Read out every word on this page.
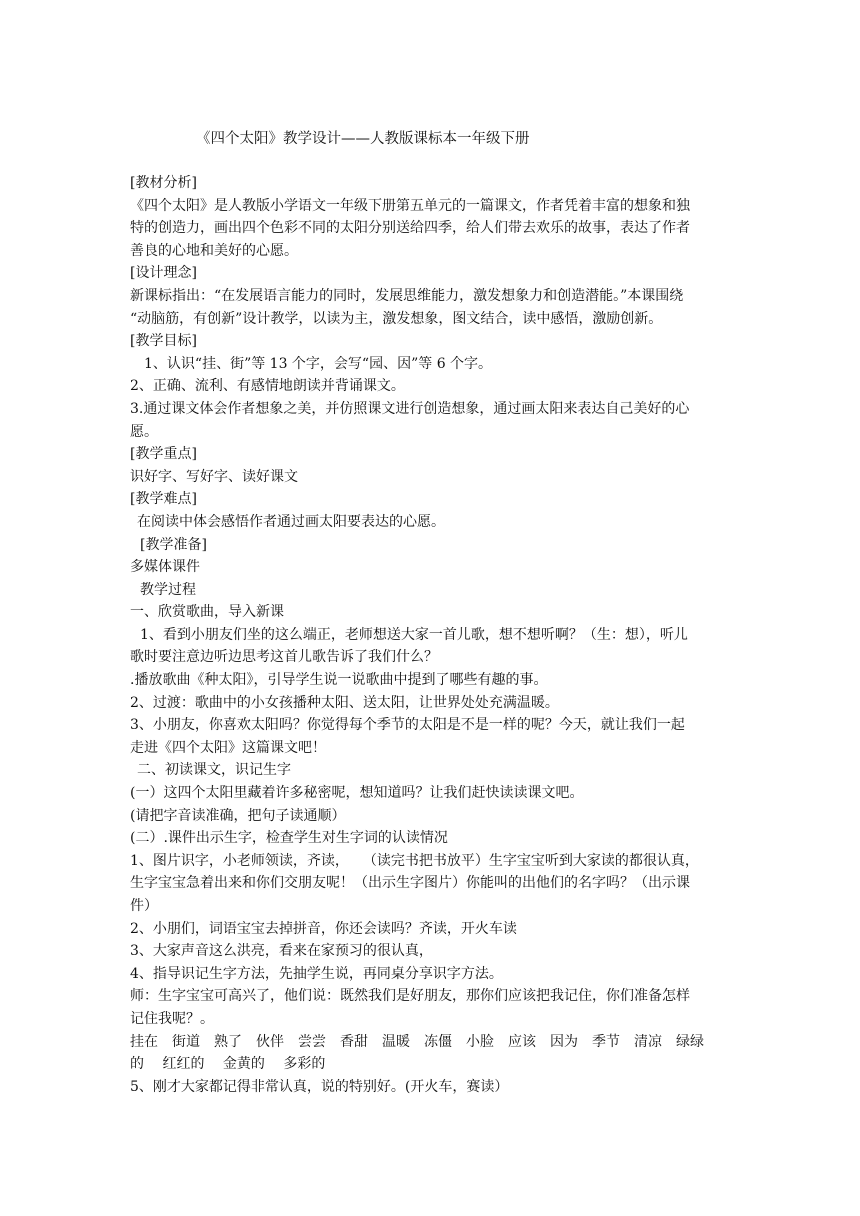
《四个太阳》教学设计——人教版课标本一年级下册
[教材分析]
《四个太阳》是人教版小学语文一年级下册第五单元的一篇课文，作者凭着丰富的想象和独
特的创造力，画出四个色彩不同的太阳分别送给四季，给人们带去欢乐的故事，表达了作者
善良的心地和美好的心愿。
[设计理念]
新课标指出：“在发展语言能力的同时，发展思维能力，激发想象力和创造潜能。”本课围绕
“动脑筋，有创新”设计教学，以读为主，激发想象，图文结合，读中感悟，激励创新。
[教学目标]
1、认识“挂、街”等 13 个字，会写“园、因”等 6 个字。
2、正确、流利、有感情地朗读并背诵课文。
3.通过课文体会作者想象之美，并仿照课文进行创造想象，通过画太阳来表达自己美好的心
愿。
[教学重点]
识好字、写好字、读好课文
[教学难点]
在阅读中体会感悟作者通过画太阳要表达的心愿。
[教学准备]
多媒体课件
教学过程
一、欣赏歌曲，导入新课
1、看到小朋友们坐的这么端正，老师想送大家一首儿歌，想不想听啊？（生：想），听儿
歌时要注意边听边思考这首儿歌告诉了我们什么？
.播放歌曲《种太阳》，引导学生说一说歌曲中提到了哪些有趣的事。
2、过渡：歌曲中的小女孩播种太阳、送太阳，让世界处处充满温暖。
3、小朋友，你喜欢太阳吗？你觉得每个季节的太阳是不是一样的呢？今天，就让我们一起
走进《四个太阳》这篇课文吧！
二、初读课文，识记生字
(一）这四个太阳里藏着许多秘密呢，想知道吗？让我们赶快读读课文吧。
(请把字音读准确，把句子读通顺）
(二）.课件出示生字，检查学生对生字词的认读情况
1、图片识字，小老师领读，齐读，　　（读完书把书放平）生字宝宝听到大家读的都很认真，
生字宝宝急着出来和你们交朋友呢！（出示生字图片）你能叫的出他们的名字吗？（出示课
件）
2、小朋们，词语宝宝去掉拼音，你还会读吗？齐读，开火车读
3、大家声音这么洪亮，看来在家预习的很认真，
4、指导识记生字方法，先抽学生说，再同桌分享识字方法。
师：生字宝宝可高兴了，他们说：既然我们是好朋友，那你们应该把我记住，你们准备怎样
记住我呢？。
挂在　街道　熟了　伙伴　尝尝　香甜　温暖　冻僵　小脸　应该　因为　季节　清凉　绿绿
的　 红红的　 金黄的　 多彩的
5、刚才大家都记得非常认真，说的特别好。(开火车，赛读）
